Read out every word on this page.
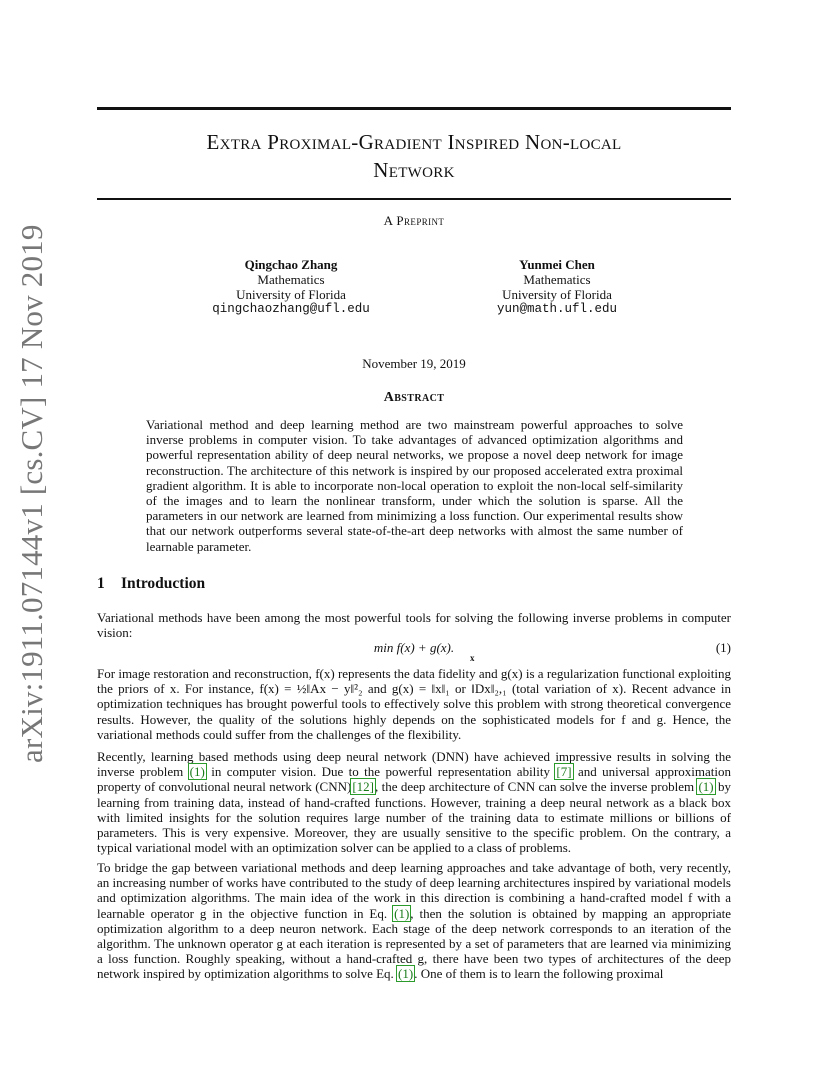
arXiv:1911.07144v1 [cs.CV] 17 Nov 2019
Extra Proximal-Gradient Inspired Non-local
Network
A Preprint
Qingchao Zhang
Mathematics
University of Florida
qingchaozhang@ufl.edu
Yunmei Chen
Mathematics
University of Florida
yun@math.ufl.edu
November 19, 2019
Abstract

Variational method and deep learning method are two mainstream powerful approaches to solve inverse problems in computer vision. To take advantages of advanced optimization algorithms and powerful representation ability of deep neural networks, we propose a novel deep network for image reconstruction. The architecture of this network is inspired by our proposed accelerated extra proximal gradient algorithm. It is able to incorporate non-local operation to exploit the non-local self-similarity of the images and to learn the nonlinear transform, under which the solution is sparse. All the parameters in our network are learned from minimizing a loss function. Our experimental results show that our network outperforms several state-of-the-art deep networks with almost the same number of learnable parameter.

1 Introduction

Variational methods have been among the most powerful tools for solving the following inverse problems in computer vision:

min f(x) + g(x).
x
(1)

For image restoration and reconstruction, f(x) represents the data fidelity and g(x) is a regularization functional exploiting the priors of x. For instance, f(x) = ½‖Ax − y‖²₂ and g(x) = ‖x‖₁ or ‖Dx‖₂,₁ (total variation of x). Recent advance in optimization techniques has brought powerful tools to effectively solve this problem with strong theoretical convergence results. However, the quality of the solutions highly depends on the sophisticated models for f and g. Hence, the variational methods could suffer from the challenges of the flexibility.

Recently, learning based methods using deep neural network (DNN) have achieved impressive results in solving the inverse problem (1) in computer vision. Due to the powerful representation ability [7] and universal approximation property of convolutional neural network (CNN)[12], the deep architecture of CNN can solve the inverse problem (1) by learning from training data, instead of hand-crafted functions. However, training a deep neural network as a black box with limited insights for the solution requires large number of the training data to estimate millions or billions of parameters. This is very expensive. Moreover, they are usually sensitive to the specific problem. On the contrary, a typical variational model with an optimization solver can be applied to a class of problems.

To bridge the gap between variational methods and deep learning approaches and take advantage of both, very recently, an increasing number of works have contributed to the study of deep learning architectures inspired by variational models and optimization algorithms. The main idea of the work in this direction is combining a hand-crafted model f with a learnable operator g in the objective function in Eq. (1), then the solution is obtained by mapping an appropriate optimization algorithm to a deep neuron network. Each stage of the deep network corresponds to an iteration of the algorithm. The unknown operator g at each iteration is represented by a set of parameters that are learned via minimizing a loss function. Roughly speaking, without a hand-crafted g, there have been two types of architectures of the deep network inspired by optimization algorithms to solve Eq. (1). One of them is to learn the following proximal
